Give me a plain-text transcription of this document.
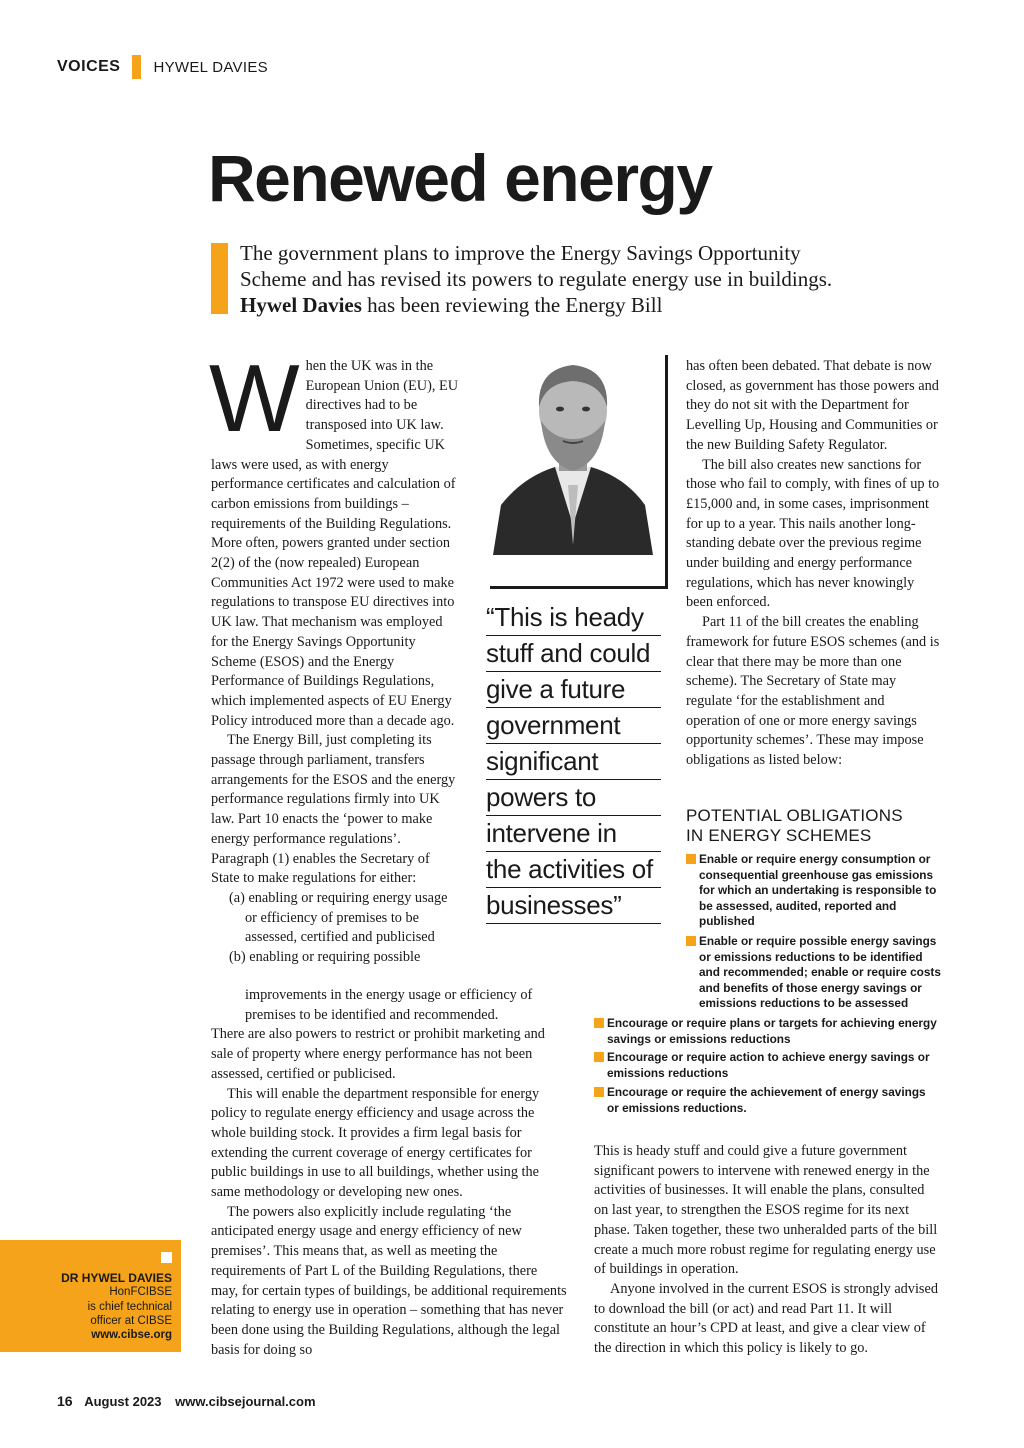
VOICES HYWEL DAVIES
Renewed energy
The government plans to improve the Energy Savings Opportunity
Scheme and has revised its powers to regulate energy use in buildings.
Hywel Davies has been reviewing the Energy Bill

When the UK was in the European Union (EU), EU directives had to be transposed into UK law. Sometimes, specific UK laws were used, as with energy performance certificates and calculation of carbon emissions from buildings – requirements of the Building Regulations. More often, powers granted under section 2(2) of the (now repealed) European Communities Act 1972 were used to make regulations to transpose EU directives into UK law. That mechanism was employed for the Energy Savings Opportunity Scheme (ESOS) and the Energy Performance of Buildings Regulations, which implemented aspects of EU Energy Policy introduced more than a decade ago.

The Energy Bill, just completing its passage through parliament, transfers arrangements for the ESOS and the energy performance regulations firmly into UK law. Part 10 enacts the ‘power to make energy performance regulations’. Paragraph (1) enables the Secretary of State to make regulations for either:

(a) enabling or requiring energy usage

or efficiency of premises to be

assessed, certified and publicised

(b) enabling or requiring possible

improvements in the energy usage or efficiency of

premises to be identified and recommended.

There are also powers to restrict or prohibit marketing and sale of property where energy performance has not been assessed, certified or publicised.

This will enable the department responsible for energy policy to regulate energy efficiency and usage across the whole building stock. It provides a firm legal basis for extending the current coverage of energy certificates for public buildings in use to all buildings, whether using the same methodology or developing new ones.

The powers also explicitly include regulating ‘the anticipated energy usage and energy efficiency of new premises’. This means that, as well as meeting the requirements of Part L of the Building Regulations, there may, for certain types of buildings, be additional requirements relating to energy use in operation – something that has never been done using the Building Regulations, although the legal basis for doing so

“This is heady
stuff and could
give a future
government
significant
powers to
intervene in
the activities of
businesses”

has often been debated. That debate is now closed, as government has those powers and they do not sit with the Department for Levelling Up, Housing and Communities or the new Building Safety Regulator.

The bill also creates new sanctions for those who fail to comply, with fines of up to £15,000 and, in some cases, imprisonment for up to a year. This nails another long-standing debate over the previous regime under building and energy performance regulations, which has never knowingly been enforced.

Part 11 of the bill creates the enabling framework for future ESOS schemes (and is clear that there may be more than one scheme). The Secretary of State may regulate ‘for the establishment and operation of one or more energy savings opportunity schemes’. These may impose obligations as listed below:

POTENTIAL OBLIGATIONS
IN ENERGY SCHEMES
Enable or require energy consumption or consequential greenhouse gas emissions for which an undertaking is responsible to be assessed, audited, reported and published
Enable or require possible energy savings or emissions reductions to be identified and recommended; enable or require costs and benefits of those energy savings or emissions reductions to be assessed
Encourage or require plans or targets for achieving energy savings or emissions reductions
Encourage or require action to achieve energy savings or emissions reductions
Encourage or require the achievement of energy savings or emissions reductions.

This is heady stuff and could give a future government significant powers to intervene with renewed energy in the activities of businesses. It will enable the plans, consulted on last year, to strengthen the ESOS regime for its next phase. Taken together, these two unheralded parts of the bill create a much more robust regime for regulating energy use of buildings in operation.

Anyone involved in the current ESOS is strongly advised to download the bill (or act) and read Part 11. It will constitute an hour’s CPD at least, and give a clear view of the direction in which this policy is likely to go.

DR HYWEL DAVIES
HonFCIBSE
is chief technical
officer at CIBSE
www.cibse.org
16 August 2023 www.cibsejournal.com
